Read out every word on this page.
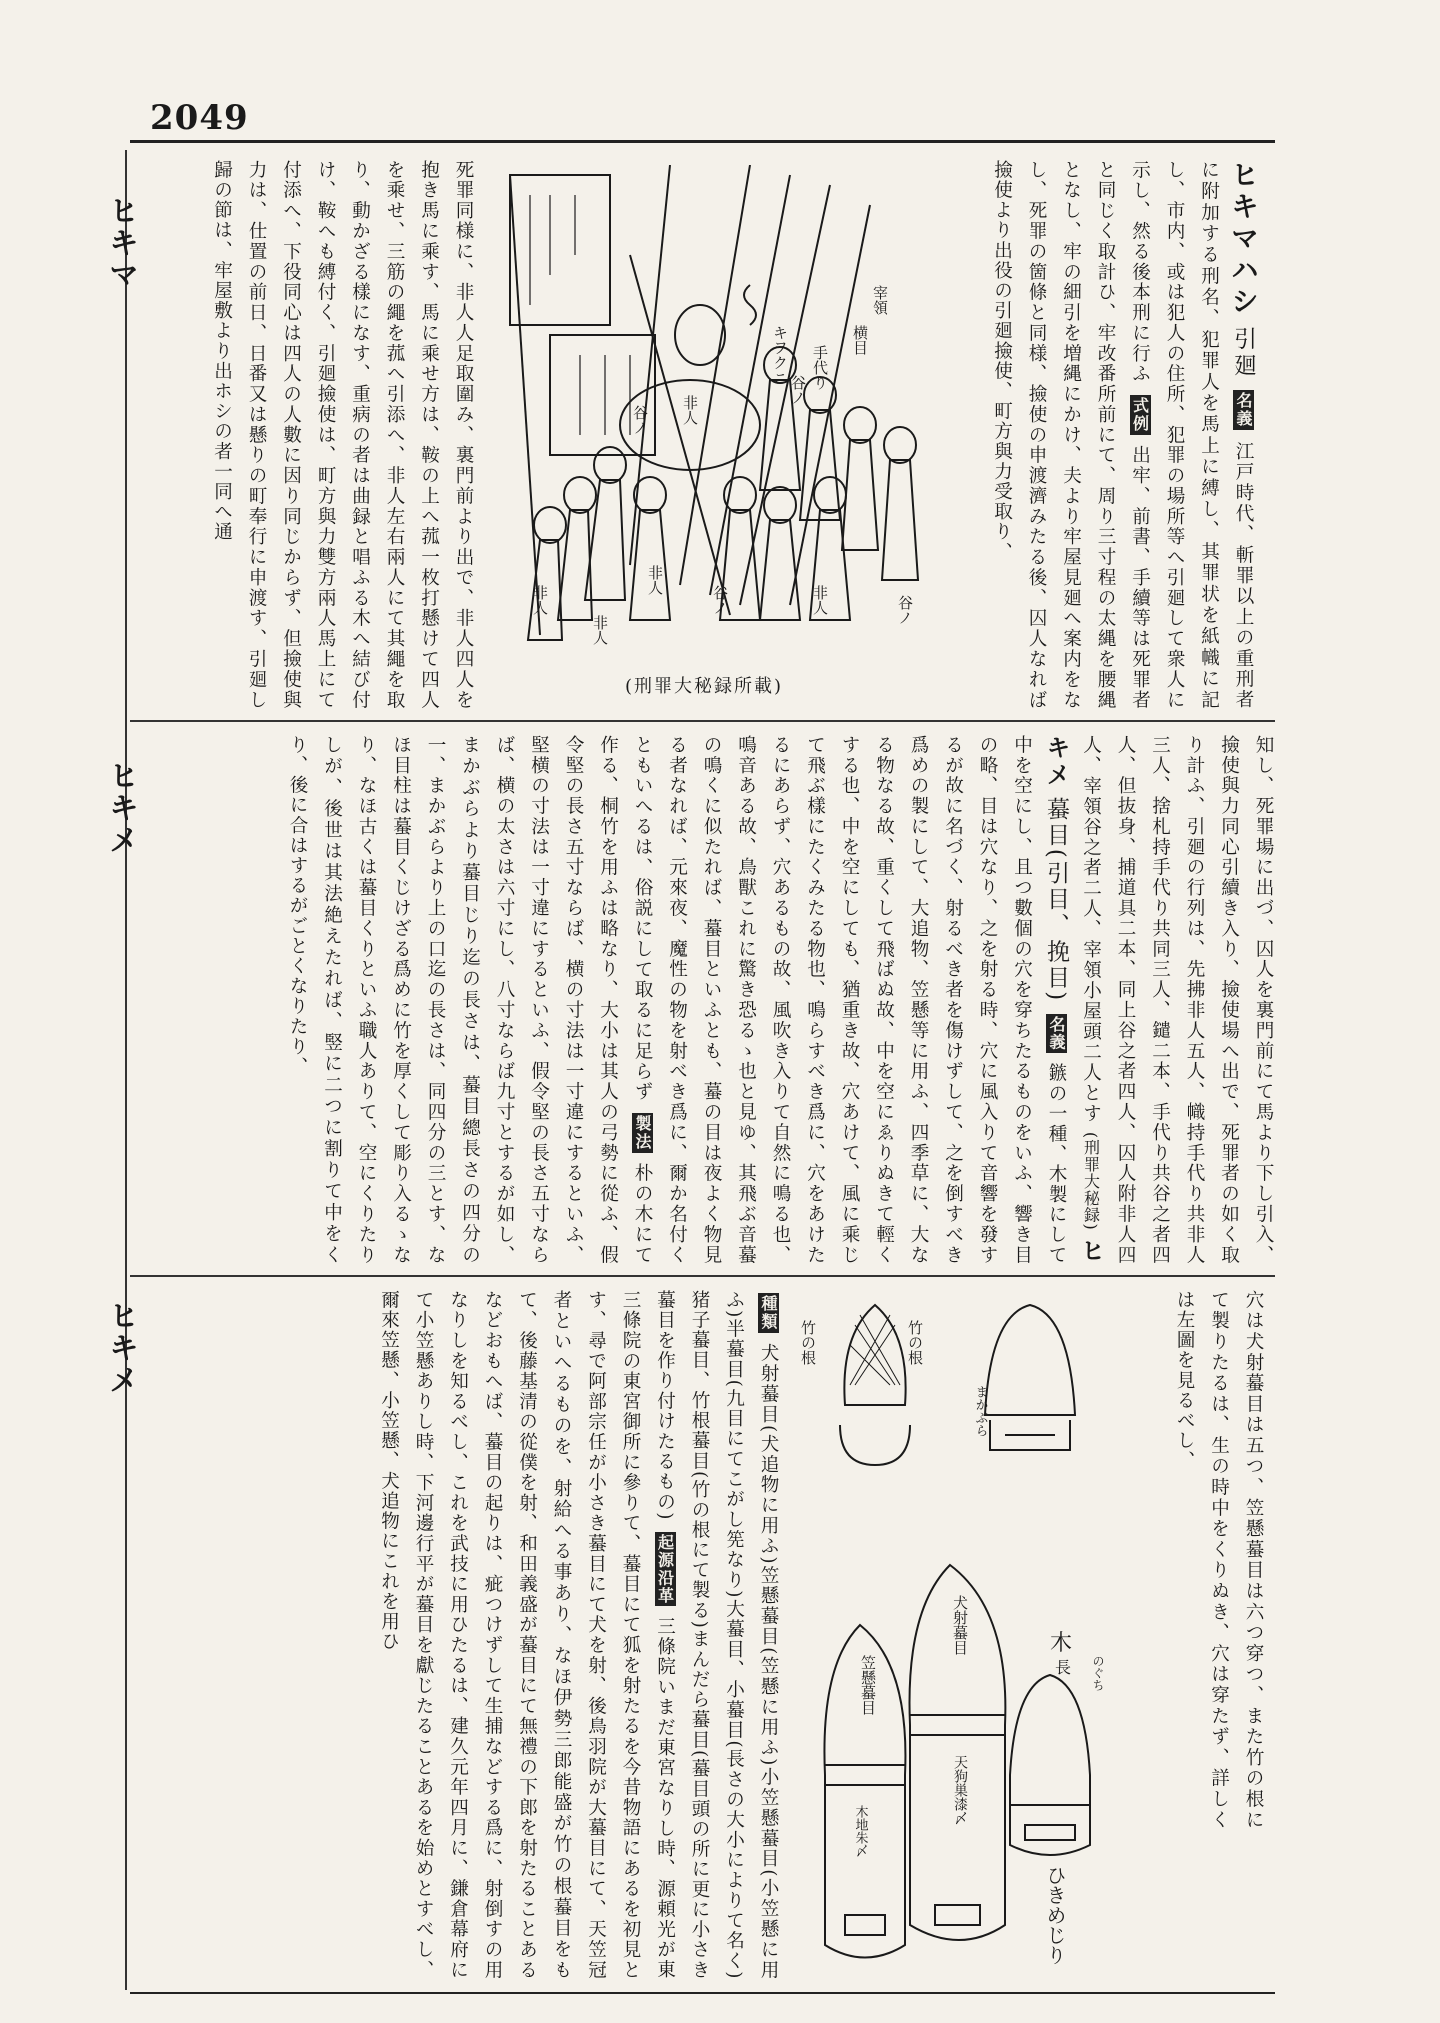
2049
ヒキマ
ヒキメ
ヒキメ

ヒキマハシ 引廻 名義 江戸時代、斬罪以上の重刑者に附加する刑名、犯罪人を馬上に縛し、其罪状を紙幟に記し、市内、或は犯人の住所、犯罪の場所等へ引廻して衆人に示し、然る後本刑に行ふ 式例 出牢、前書、手續等は死罪者と同じく取計ひ、牢改番所前にて、周り三寸程の太縄を腰縄となし、牢の細引を増縄にかけ、夫より牢屋見廻へ案内をなし、死罪の箇條と同様、撿使の申渡濟みたる後、囚人なれば撿使より出役の引廻撿使、町方與力受取り、

宰領
横目
手代り
谷ノ
非人
キヲクニ
谷ノ
非人	谷ノ
非人
非人
谷ノ
非人
(刑罪大秘録所載)

死罪同様に、非人人足取圍み、裏門前より出で、非人四人を抱き馬に乘す、馬に乘せ方は、鞍の上へ菰一枚打懸けて四人を乘せ、三筋の繩を菰へ引添へ、非人左右兩人にて其繩を取り、動かざる樣になす、重病の者は曲録と唱ふる木へ結び付け、鞍へも縛付く、引廻撿使は、町方與力雙方兩人馬上にて付添へ、下役同心は四人の人數に因り同じからず、但撿使與力は、仕置の前日、日番又は懸りの町奉行に申渡す、引廻し歸の節は、牢屋敷より出ホシの者一同へ通

知し、死罪場に出づ、囚人を裏門前にて馬より下し引入、撿使與力同心引續き入り、撿使場へ出で、死罪者の如く取り計ふ、引廻の行列は、先拂非人五人、幟持手代り共非人三人、捨札持手代り共同三人、鑓二本、手代り共谷之者四人、但抜身、捕道具二本、同上谷之者四人、囚人附非人四人、宰領谷之者二人、宰領小屋頭二人とす (刑罪大秘録) ヒキメ 蟇目(引目、挽目) 名義 鏃の一種、木製にして中を空にし、且つ數個の穴を穿ちたるものをいふ、響き目の略、目は穴なり、之を射る時、穴に風入りて音響を發するが故に名づく、射るべき者を傷けずして、之を倒すべき爲めの製にして、大追物、笠懸等に用ふ、四季草に、大なる物なる故、重くして飛ばぬ故、中を空にゑりぬきて輕くする也、中を空にしても、猶重き故、穴あけて、風に乘じて飛ぶ樣にたくみたる物也、鳴らすべき爲に、穴をあけたるにあらず、穴あるもの故、風吹き入りて自然に鳴る也、鳴音ある故、鳥獸これに驚き恐るゝ也と見ゆ、其飛ぶ音蟇の鳴くに似たれば、蟇目といふとも、蟇の目は夜よく物見る者なれば、元來夜、魔性の物を射べき爲に、爾か名付くともいへるは、俗説にして取るに足らず 製法 朴の木にて作る、桐竹を用ふは略なり、大小は其人の弓勢に從ふ、假令堅の長さ五寸ならば、横の寸法は一寸違にするといふ、堅横の寸法は一寸違にするといふ、假令堅の長さ五寸ならば、横の太さは六寸にし、八寸ならば九寸とするが如し、まかぶらより蟇目じり迄の長さは、蟇目總長さの四分の一、まかぶらより上の口迄の長さは、同四分の三とす、なほ目柱は蟇目くじけざる爲めに竹を厚くして彫り入るゝなり、なほ古くは蟇目くりといふ職人ありて、空にくりたりしが、後世は其法絶えたれば、竪に二つに割りて中をくり、後に合はするがごとくなりたり、

穴は犬射蟇目は五つ、笠懸蟇目は六つ穿つ、また竹の根にて製りたるは、生の時中をくりぬき、穴は穿たず、詳しくは左圖を見るべし、

竹の根	竹の根
まかぶら
木
長 のぐち
ひきめじり
犬射蟇目
笠懸蟇目
天狗巣漆〆
木地朱〆

種類 犬射蟇目(犬追物に用ふ)笠懸蟇目(笠懸に用ふ)小笠懸蟇目(小笠懸に用ふ)半蟇目(九目にてこがし筅なり)大蟇目、小蟇目(長さの大小によりて名く)猪子蟇目、竹根蟇目(竹の根にて製る)まんだら蟇目(蟇目頭の所に更に小さき蟇目を作り付けたるもの) 起源沿革 三條院いまだ東宮なりし時、源頼光が東三條院の東宮御所に參りて、蟇目にて狐を射たるを今昔物語にあるを初見とす、尋で阿部宗任が小さき蟇目にて犬を射、後鳥羽院が大蟇目にて、天笠冠者といへるものを、射給へる事あり、なほ伊勢三郎能盛が竹の根蟇目をもて、後藤基清の從僕を射、和田義盛が蟇目にて無禮の下郎を射たることあるなどおもへば、蟇目の起りは、疵つけずして生捕などする爲に、射倒すの用なりしを知るべし、これを武技に用ひたるは、建久元年四月に、鎌倉幕府にて小笠懸ありし時、下河邊行平が蟇目を獻じたることあるを始めとすべし、爾來笠懸、小笠懸、犬追物にこれを用ひ
